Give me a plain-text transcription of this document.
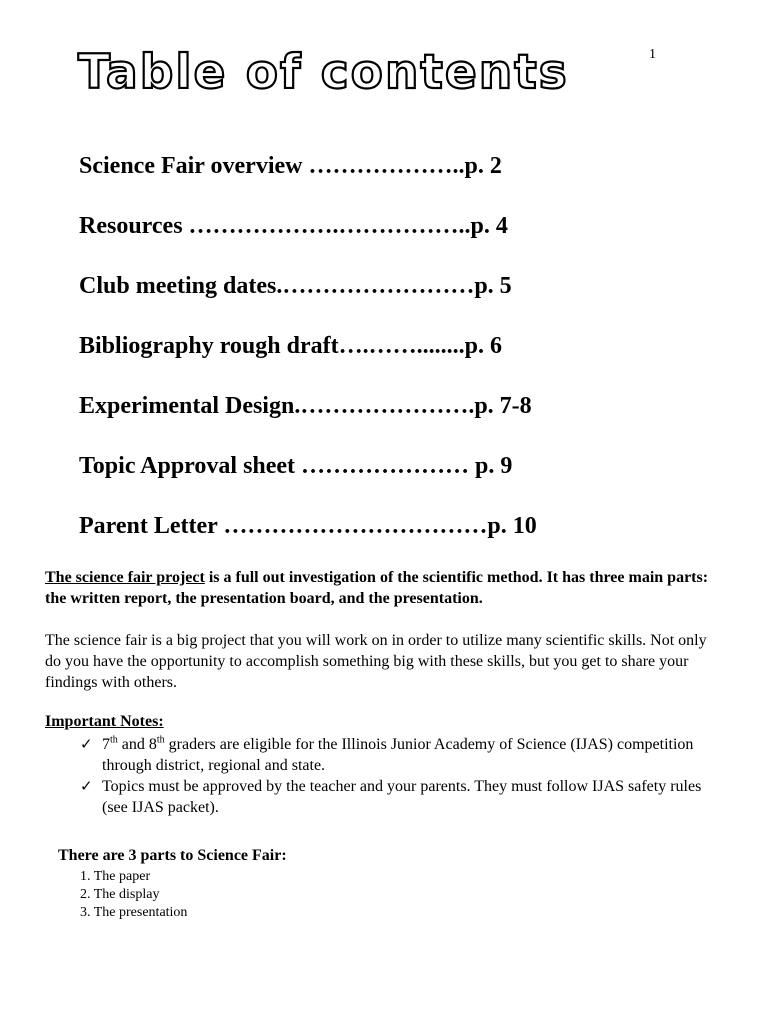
1
Table of contents
Science Fair overview ………………..p. 2
Resources ……………….……………..p. 4
Club meeting dates.……………………p. 5
Bibliography rough draft….……........p. 6
Experimental Design.………………….p. 7-8
Topic Approval sheet ………………… p. 9
Parent Letter ……………………………p. 10

The science fair project is a full out investigation of the scientific method. It has three main parts: the written report, the presentation board, and the presentation.

The science fair is a big project that you will work on in order to utilize many scientific skills. Not only do you have the opportunity to accomplish something big with these skills, but you get to share your findings with others.

Important Notes:

✓ 7th and 8th graders are eligible for the Illinois Junior Academy of Science (IJAS) competition through district, regional and state.
✓ Topics must be approved by the teacher and your parents. They must follow IJAS safety rules (see IJAS packet).

There are 3 parts to Science Fair:

1. The paper
2. The display
3. The presentation
